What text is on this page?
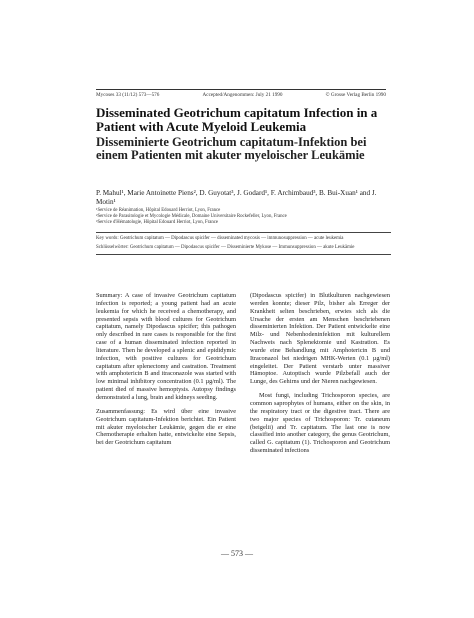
Mycoses 33 (11/12) 573—576	Accepted/Angenommen: July 21 1990	© Grosse Verlag Berlin 1990
Disseminated Geotrichum capitatum Infection in a Patient with Acute Myeloid Leukemia
Disseminierte Geotrichum capitatum-Infektion bei einem Patienten mit akuter myeloischer Leukämie
P. Mahul¹, Marie Antoinette Piens², D. Guyotat³, J. Godard¹, F. Archimbaud³, B. Bui-Xuan¹ and J. Motin¹
¹Service de Réanimation, Hôpital Edouard Herriot, Lyon, France
²Service de Parasitologie et Mycologie Médicale, Domaine Universitaire Rockefeller, Lyon, France
³Service d'Hématologie, Hôpital Edouard Herriot, Lyon, France
Key words: Geotrichum capitatum — Dipodascus spicifer — disseminated mycosis — immunosuppression — acute leukemia
Schlüsselwörter: Geotrichum capitatum — Dipodascus spicifer — Disseminierte Mykose — Immunsuppression — akute Leukämie

Summary: A case of invasive Geotrichum capitatum infection is reported; a young patient had an acute leukemia for which he received a chemotherapy, and presented sepsis with blood cultures for Geotrichum capitatum, namely Dipodascus spicifer; this pathogen only described in rare cases is responsible for the first case of a human disseminated infection reported in literature. Then he developed a splenic and epididymic infection, with positive cultures for Geotrichum capitatum after splenectomy and castration. Treatment with amphotericin B and itraconazole was started with low minimal inhibitory concentration (0.1 µg/ml). The patient died of massive hemoptysis. Autopsy findings demonstrated a lung, brain and kidneys seeding.

Zusammenfassung: Es wird über eine invasive Geotrichum capitatum-Infektion berichtet. Ein Patient mit akuter myeloischer Leukämie, gegen die er eine Chemotherapie erhalten hatte, entwickelte eine Sepsis, bei der Geotrichum capitatum

(Dipodascus spicifer) in Blutkulturen nachgewiesen werden konnte; dieser Pilz, bisher als Erreger der Krankheit selten beschrieben, erwies sich als die Ursache der ersten am Menschen beschriebenen disseminierten Infektion. Der Patient entwickelte eine Milz- und Nebenhodeninfektion mit kulturellem Nachweis nach Splenektomie und Kastration. Es wurde eine Behandlung mit Amphotericin B und Itraconazol bei niedrigen MHK-Werten (0.1 µg/ml) eingeleitet. Der Patient verstarb unter massiver Hämoptoe. Autoptisch wurde Pilzbefall auch der Lunge, des Gehirns und der Nieren nachgewiesen.

Most fungi, including Trichosporon species, are common saprophytes of humans, either on the skin, in the respiratory tract or the digestive tract. There are two major species of Trichosporon: Tr. cutaneum (beigelii) and Tr. capitatum. The last one is now classified into another category, the genus Geotrichum, called G. capitatum (1). Trichosporon and Geotrichum disseminated infections

— 573 —
